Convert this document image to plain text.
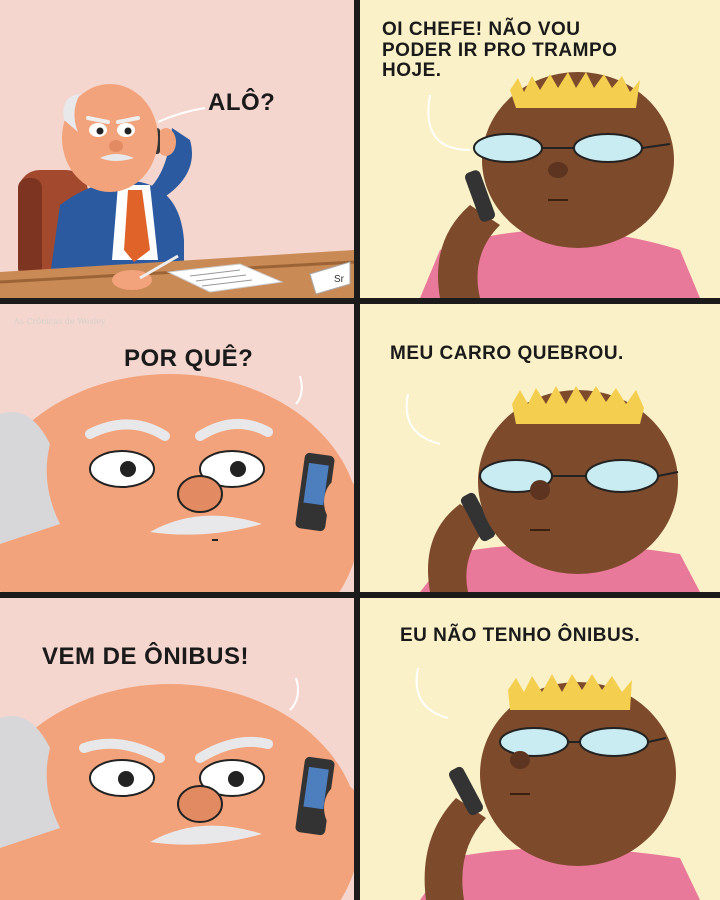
Sr
ALÔ?
OI CHEFE! NÃO VOU
PODER IR PRO TRAMPO
HOJE.
As Crônicas de Wesley
POR QUÊ?	MEU CARRO QUEBROU.
VEM DE ÔNIBUS!
EU NÃO TENHO ÔNIBUS.
